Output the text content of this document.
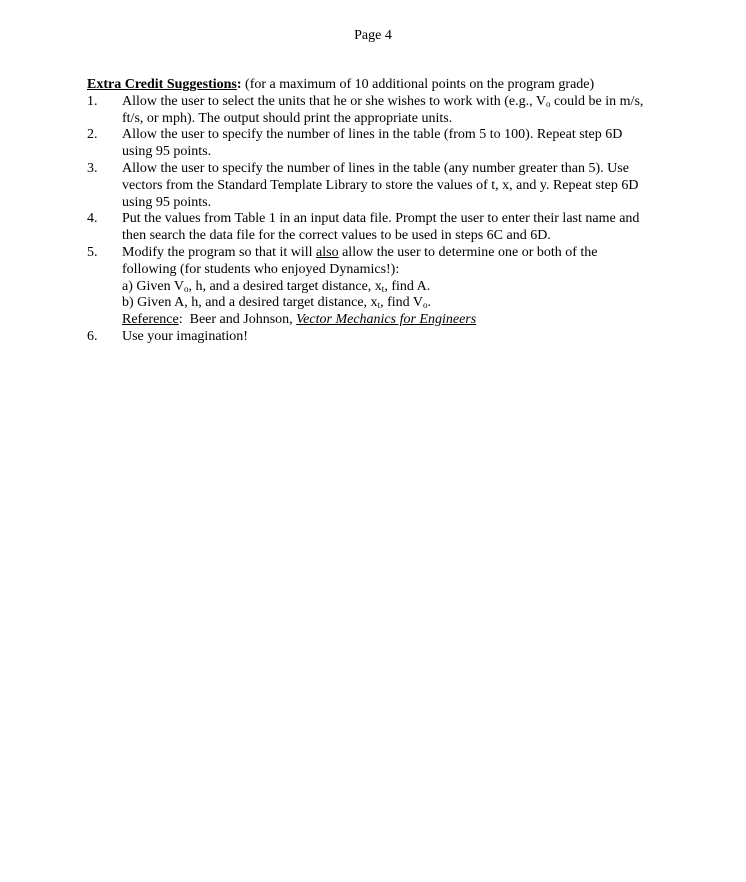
Page 4
Extra Credit Suggestions: (for a maximum of 10 additional points on the program grade)
1. Allow the user to select the units that he or she wishes to work with (e.g., $V_o$ could be in m/s,
ft/s, or mph). The output should print the appropriate units.
2. Allow the user to specify the number of lines in the table (from 5 to 100). Repeat step 6D
using 95 points.
3. Allow the user to specify the number of lines in the table (any number greater than 5). Use
vectors from the Standard Template Library to store the values of t, x, and y. Repeat step 6D
using 95 points.
4. Put the values from Table 1 in an input data file. Prompt the user to enter their last name and
then search the data file for the correct values to be used in steps 6C and 6D.
5. Modify the program so that it will also allow the user to determine one or both of the
following (for students who enjoyed Dynamics!):
a) Given $V_o$, h, and a desired target distance, $x_t$, find A.
b) Given A, h, and a desired target distance, $x_t$, find $V_o$.
Reference:  Beer and Johnson, Vector Mechanics for Engineers
6. Use your imagination!
